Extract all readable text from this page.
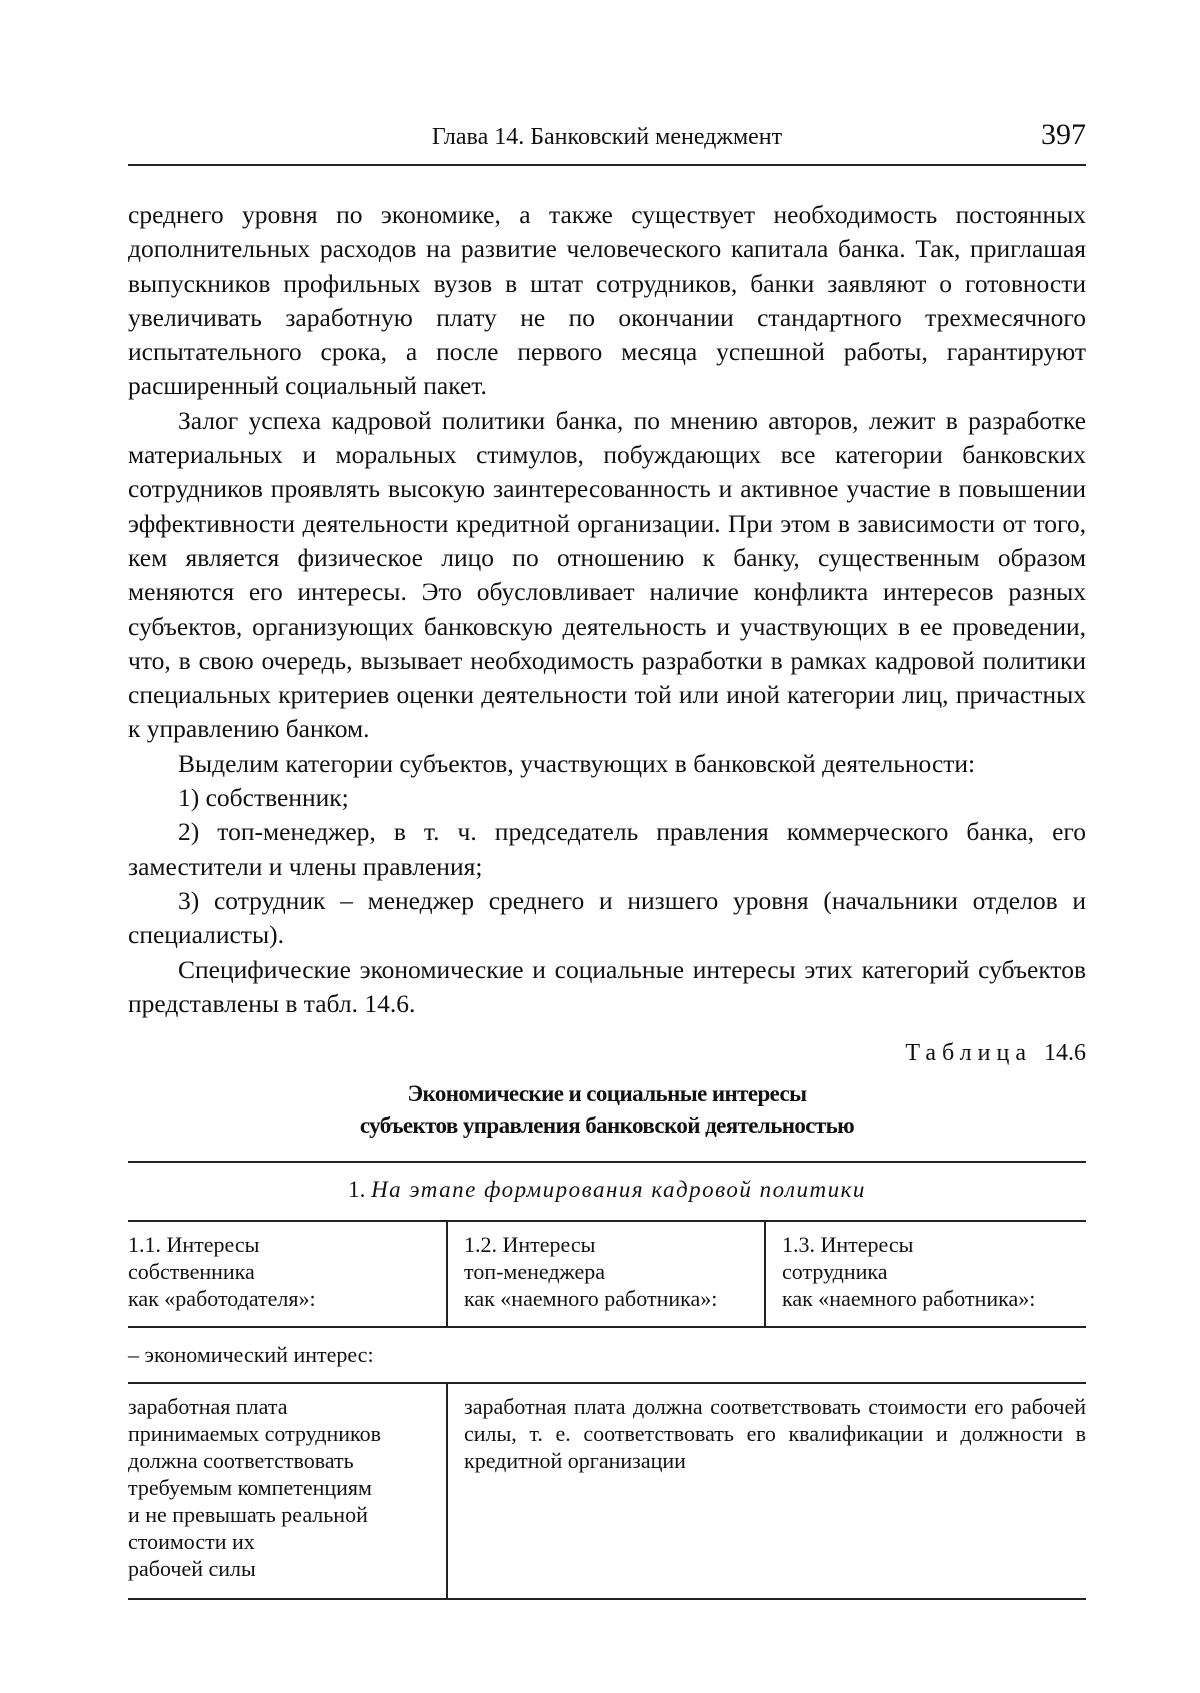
Глава 14. Банковский менеджмент	397

среднего уровня по экономике, а также существует необходимость постоянных дополнительных расходов на развитие человеческого капитала банка. Так, приглашая выпускников профильных вузов в штат сотрудников, банки заявляют о готовности увеличивать заработную плату не по окончании стандартного трехмесячного испытательного срока, а после первого месяца успешной работы, гарантируют расширенный социальный пакет.

Залог успеха кадровой политики банка, по мнению авторов, лежит в разработке материальных и моральных стимулов, побуждающих все категории банковских сотрудников проявлять высокую заинтересованность и активное участие в повышении эффективности деятельности кредитной организации. При этом в зависимости от того, кем является физическое лицо по отношению к банку, существенным образом меняются его интересы. Это обусловливает наличие конфликта интересов разных субъектов, организующих банковскую деятельность и участвующих в ее проведении, что, в свою очередь, вызывает необходимость разработки в рамках кадровой политики специальных критериев оценки деятельности той или иной категории лиц, причастных к управлению банком.

Выделим категории субъектов, участвующих в банковской деятельности:

1) собственник;

2) топ-менеджер, в т. ч. председатель правления коммерческого банка, его заместители и члены правления;

3) сотрудник – менеджер среднего и низшего уровня (начальники отделов и специалисты).

Специфические экономические и социальные интересы этих категорий субъектов представлены в табл. 14.6.

Таблица 14.6
Экономические и социальные интересы
субъектов управления банковской деятельностью
1. На этапе формирования кадровой политики
1.1. Интересы
собственника
как «работодателя»:
1.2. Интересы
топ-менеджера
как «наемного работника»:
1.3. Интересы
сотрудника
как «наемного работника»:
– экономический интерес:
заработная плата
принимаемых сотрудников
должна соответствовать
требуемым компетенциям
и не превышать реальной
стоимости их
рабочей силы
заработная плата должна соответствовать стоимости его рабочей силы, т. е. соответствовать его квалификации и должности в кредитной организации
